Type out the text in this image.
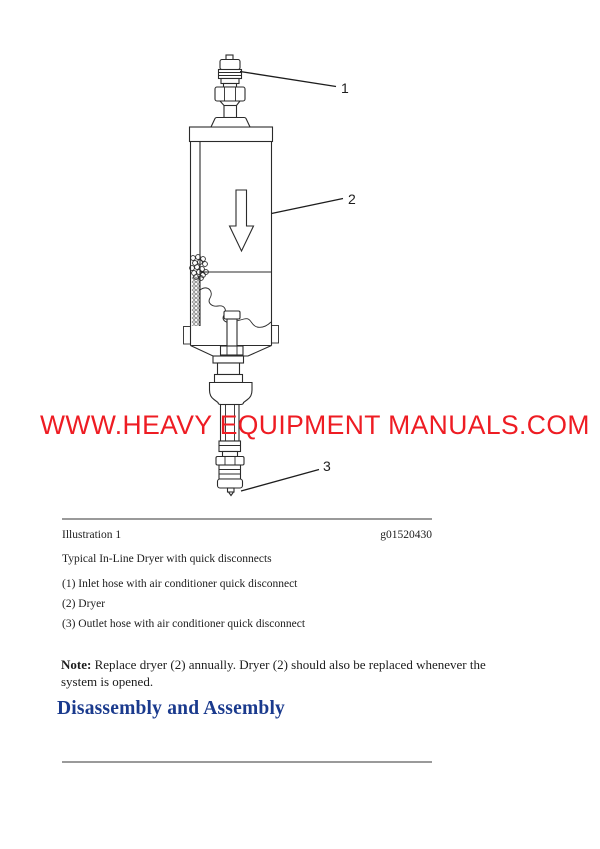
1
2
3
WWW.HEAVY EQUIPMENT MANUALS.COM
Illustration 1	g01520430
Typical In-Line Dryer with quick disconnects
(1) Inlet hose with air conditioner quick disconnect
(2) Dryer
(3) Outlet hose with air conditioner quick disconnect

Note: Replace dryer (2) annually. Dryer (2) should also be replaced whenever the system is opened.

Disassembly and Assembly
